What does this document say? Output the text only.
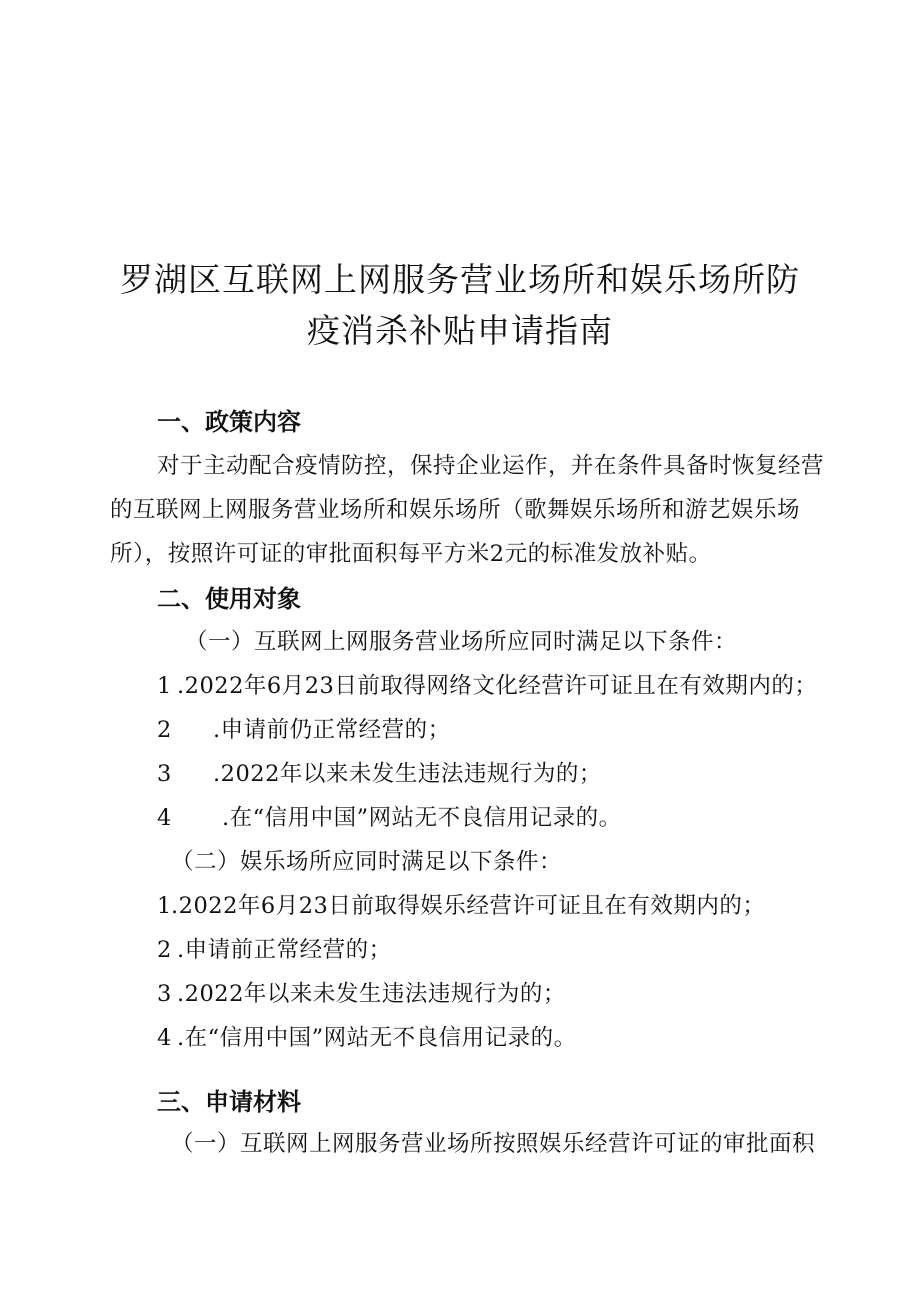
罗湖区互联网上网服务营业场所和娱乐场所防
疫消杀补贴申请指南
一、政策内容
对于主动配合疫情防控，保持企业运作，并在条件具备时恢复经营
的互联网上网服务营业场所和娱乐场所（歌舞娱乐场所和游艺娱乐场
所），按照许可证的审批面积每平方米2元的标准发放补贴。
二、使用对象
（一）互联网上网服务营业场所应同时满足以下条件：
1 .2022年6月23日前取得网络文化经营许可证且在有效期内的；
2 .申请前仍正常经营的；
3 .2022年以来未发生违法违规行为的；
4 .在“信用中国”网站无不良信用记录的。
（二）娱乐场所应同时满足以下条件：
1.2022年6月23日前取得娱乐经营许可证且在有效期内的；
2 .申请前正常经营的；
3 .2022年以来未发生违法违规行为的；
4 .在“信用中国”网站无不良信用记录的。
三、申请材料
（一）互联网上网服务营业场所按照娱乐经营许可证的审批面积
